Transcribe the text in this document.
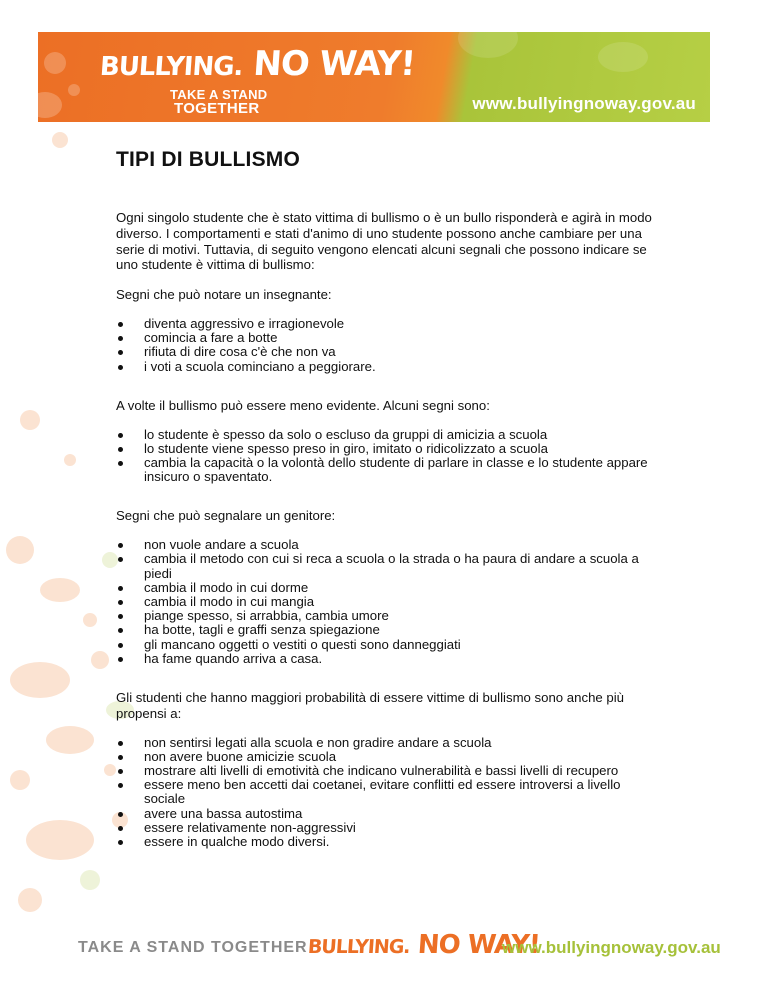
BULLYING. NO WAY!
TAKE A STAND
TOGETHER	www.bullyingnoway.gov.au
TIPI DI BULLISMO

Ogni singolo studente che è stato vittima di bullismo o è un bullo risponderà e agirà in modo diverso. I comportamenti e stati d'animo di uno studente possono anche cambiare per una serie di motivi. Tuttavia, di seguito vengono elencati alcuni segnali che possono indicare se uno studente è vittima di bullismo:

Segni che può notare un insegnante:

diventa aggressivo e irragionevole
comincia a fare a botte
rifiuta di dire cosa c'è che non va
i voti a scuola cominciano a peggiorare.

A volte il bullismo può essere meno evidente. Alcuni segni sono:

lo studente è spesso da solo o escluso da gruppi di amicizia a scuola
lo studente viene spesso preso in giro, imitato o ridicolizzato a scuola
cambia la capacità o la volontà dello studente di parlare in classe e lo studente appare insicuro o spaventato.

Segni che può segnalare un genitore:

non vuole andare a scuola
cambia il metodo con cui si reca a scuola o la strada o ha paura di andare a scuola a piedi
cambia il modo in cui dorme
cambia il modo in cui mangia
piange spesso, si arrabbia, cambia umore
ha botte, tagli e graffi senza spiegazione
gli mancano oggetti o vestiti o questi sono danneggiati
ha fame quando arriva a casa.

Gli studenti che hanno maggiori probabilità di essere vittime di bullismo sono anche più propensi a:

non sentirsi legati alla scuola e non gradire andare a scuola
non avere buone amicizie scuola
mostrare alti livelli di emotività che indicano vulnerabilità e bassi livelli di recupero
essere meno ben accetti dai coetanei, evitare conflitti ed essere introversi a livello sociale
avere una bassa autostima
essere relativamente non-aggressivi
essere in qualche modo diversi.
TAKE A STAND TOGETHER BULLYING. NO WAY!
www.bullyingnoway.gov.au
